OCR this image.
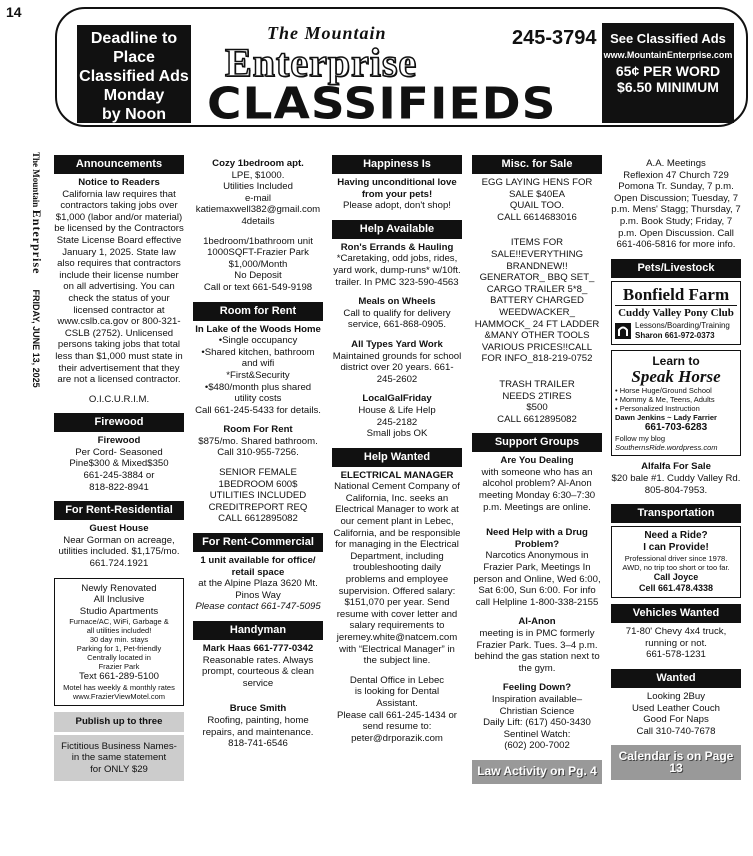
14
Deadline to Place
Classified Ads
Monday
by Noon
The Mountain
Enterprise
CLASSIFIEDS
245-3794	See Classified Ads
www.MountainEnterprise.com
65¢ PER WORD
$6.50 MINIMUM
The Mountain Enterprise      FRIDAY, JUNE 13, 2025
Announcements

Notice to Readers

California law requires that contractors taking jobs over $1,000 (labor and/or material) be licensed by the Contractors State License Board effective January 1, 2025. State law also requires that contractors include their license number on all advertising. You can check the status of your licensed contractor at www.cslb.ca.gov or 800-321-CSLB (2752). Unlicensed persons taking jobs that total less than $1,000 must state in their advertisement that they are not a licensed contractor.

O.I.C.U.R.I.M.
Firewood

Firewood

Per Cord- Seasoned

Pine$300 & Mixed$350

661-245-3884 or

818-822-8941

For Rent-Residential

Guest House

Near Gorman on acreage, utilities included. $1,175/mo. 661.724.1921

Newly Renovated

All Inclusive

Studio Apartments

Furnace/AC, WiFi, Garbage &

all utilities included!

30 day min. stays

Parking for 1, Pet-friendly

Centrally located in

Frazier Park

Text 661-289-5100

Motel has weekly & monthly rates

www.FrazierViewMotel.com

Publish up to three

Fictitious Business Names-

in the same statement

for ONLY $29

Cozy 1bedroom apt.

LPE, $1000.

Utilities Included

e-mail

katiemaxwell382@gmail.com

4details

1bedroom/1bathroom unit

1000SQFT-Frazier Park

$1,000/Month

No Deposit

Call or text 661-549-9198

Room for Rent

In Lake of the Woods Home

•Single occupancy

•Shared kitchen, bathroom and wifi

*First&Security

•$480/month plus shared utility costs

Call 661-245-5433 for details.

Room For Rent

$875/mo. Shared bathroom. Call 310-955-7256.

SENIOR FEMALE

1BEDROOM 600$

UTILITIES INCLUDED

CREDITREPORT REQ

CALL 6612895082

For Rent-Commercial

1 unit available for office/ retail space

at the Alpine Plaza 3620 Mt. Pinos Way

Please contact 661-747-5095

Handyman

Mark Haas 661-777-0342

Reasonable rates. Always prompt, courteous & clean service

Bruce Smith

Roofing, painting, home repairs, and maintenance. 818-741-6546

Happiness Is

Having unconditional love from your pets!

Please adopt, don't shop!

Help Available

Ron's Errands & Hauling

*Caretaking, odd jobs, rides, yard work, dump-runs* w/10ft. trailer. In PMC 323-590-4563

Meals on Wheels

Call to qualify for delivery service, 661-868-0905.

All Types Yard Work

Maintained grounds for school district over 20 years. 661-245-2602

LocalGalFriday

House & Life Help

245-2182

Small jobs OK

Help Wanted

ELECTRICAL MANAGER

National Cement Company of California, Inc. seeks an Electrical Manager to work at our cement plant in Lebec, California, and be responsible for managing in the Electrical Department, including troubleshooting daily problems and employee supervision. Offered salary: $151,070 per year. Send resume with cover letter and salary requirements to jeremey.white@natcem.com with “Electrical Manager” in the subject line.

Dental Office in Lebec

is looking for Dental

Assistant.

Please call 661-245-1434 or

send resume to:

peter@drporazik.com

Misc. for Sale

EGG LAYING HENS FOR

SALE $40EA

QUAIL TOO.

CALL 6614683016

ITEMS FOR

SALE!!EVERYTHING

BRANDNEW!!

GENERATOR_ BBQ SET_

CARGO TRAILER 5*8_

BATTERY CHARGED

WEEDWACKER_

HAMMOCK_ 24 FT LADDER

&MANY OTHER TOOLS

VARIOUS PRICES!!CALL

FOR INFO_818-219-0752

TRASH TRAILER

NEEDS 2TIRES

$500

CALL 6612895082

Support Groups

Are You Dealing

with someone who has an alcohol problem? Al-Anon meeting Monday 6:30–7:30 p.m. Meetings are online.

Need Help with a Drug Problem?

Narcotics Anonymous in Frazier Park, Meetings In person and Online, Wed 6:00, Sat 6:00, Sun 6:00. For info call Helpline 1-800-338-2155

Al-Anon

meeting is in PMC formerly Frazier Park. Tues. 3–4 p.m. behind the gas station next to the gym.

Feeling Down?

Inspiration available–

Christian Science

Daily Lift: (617) 450-3430

Sentinel Watch:

(602) 200-7002

Law Activity on Pg. 4

A.A. Meetings

Reflexion 47 Church 729 Pomona Tr. Sunday, 7 p.m. Open Discussion; Tuesday, 7 p.m. Mens' Stagg; Thursday, 7 p.m. Book Study; Friday, 7 p.m. Open Discussion. Call 661-406-5816 for more info.

Pets/Livestock
Bonfield Farm
Cuddy Valley Pony Club

Lessons/Boarding/Training

Sharon 661-972-0373

Learn to

Speak Horse

• Horse Huge/Ground School

• Mommy & Me, Teens, Adults

• Personalized Instruction

Dawn Jenkins ~ Lady Farrier

661-703-6283

Follow my blog SouthernsRide.wordpress.com

Alfalfa For Sale

$20 bale #1. Cuddy Valley Rd. 805-804-7953.

Transportation

Need a Ride?

I can Provide!

Professional driver since 1978. AWD, no trip too short or too far.

Call Joyce

Cell 661.478.4338

Vehicles Wanted

71-80' Chevy 4x4 truck,

running or not.

661-578-1231

Wanted

Looking 2Buy

Used Leather Couch

Good For Naps

Call 310-740-7678

Calendar is on Page 13
